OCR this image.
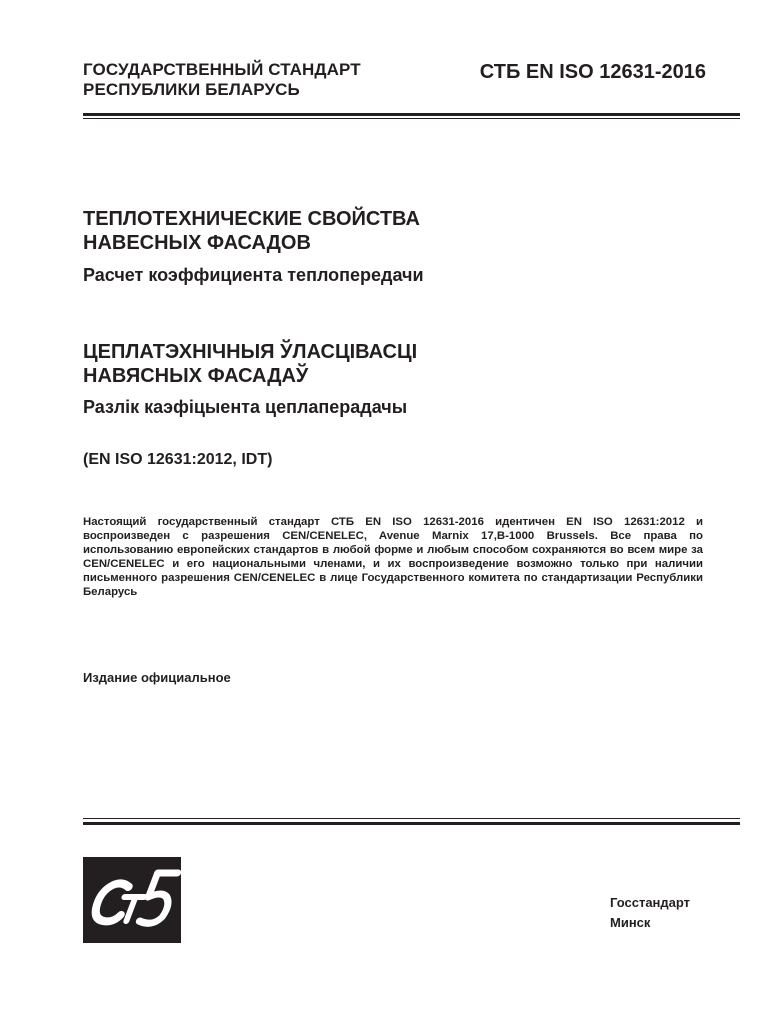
ГОСУДАРСТВЕННЫЙ СТАНДАРТ
РЕСПУБЛИКИ БЕЛАРУСЬ
СТБ EN ISO 12631-2016
ТЕПЛОТЕХНИЧЕСКИЕ СВОЙСТВА
НАВЕСНЫХ ФАСАДОВ
Расчет коэффициента теплопередачи
ЦЕПЛАТЭХНІЧНЫЯ ЎЛАСЦІВАСЦІ
НАВЯСНЫХ ФАСАДАЎ
Разлік каэфіцыента цеплаперадачы
(EN ISO 12631:2012, IDT)
Настоящий государственный стандарт СТБ EN ISO 12631-2016 идентичен EN ISO 12631:2012 и воспроизведен с разрешения CEN/CENELEC, Avenue Marnix 17,B-1000 Brussels. Все права по использованию европейских стандартов в любой форме и любым способом сохраняются во всем мире за CEN/CENELEC и его национальными членами, и их воспроизведение возможно только при наличии письменного разрешения CEN/CENELEC в лице Государственного комитета по стандартизации Республики Беларусь
Издание официальное
Госстандарт
Минск
